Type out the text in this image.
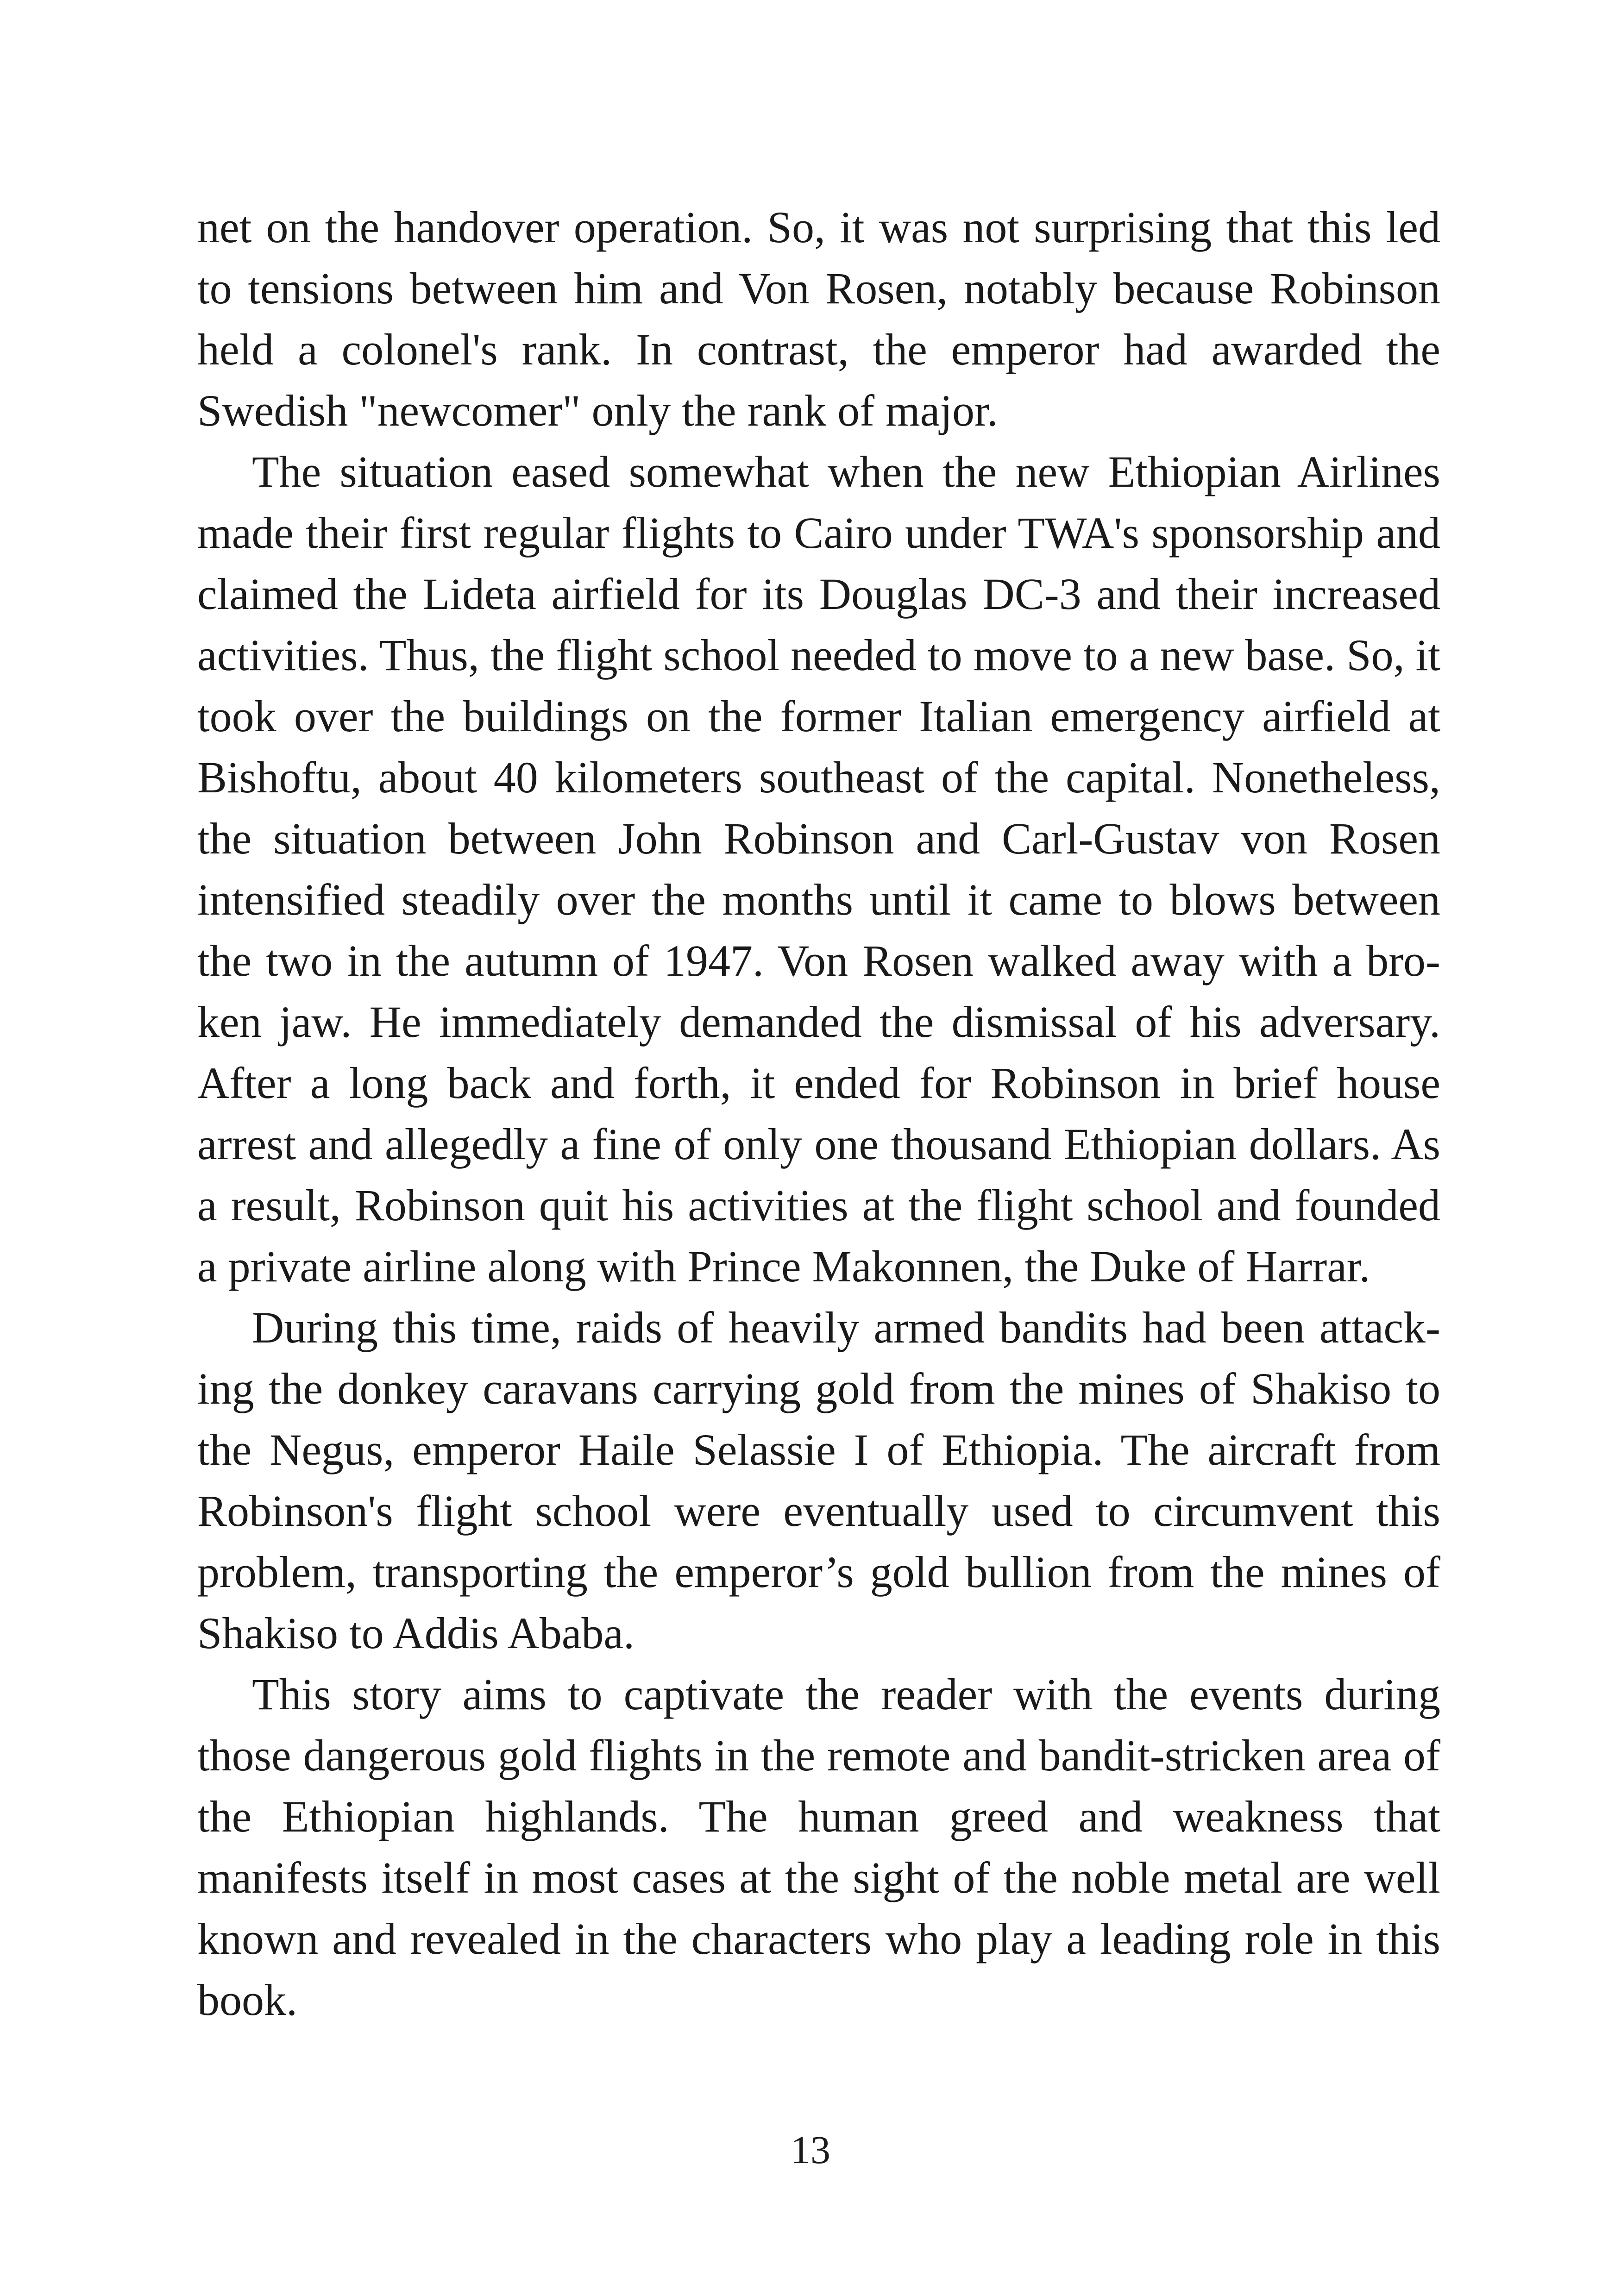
net on the handover operation. So, it was not surprising that this led to tensions between him and Von Rosen, notably because Robinson held a colonel's rank. In contrast, the emperor had awarded the Swedish "newcomer" only the rank of major.

The situation eased somewhat when the new Ethiopian Airlines made their first regular flights to Cairo under TWA's sponsorship and claimed the Lideta airfield for its Douglas DC-3 and their increased activities. Thus, the flight school needed to move to a new base. So, it took over the buildings on the former Italian emergency airfield at Bishoftu, about 40 kilometers southeast of the capital. Nonetheless, the situation between John Robinson and Carl-Gustav von Rosen intensified steadily over the months until it came to blows between the two in the autumn of 1947. Von Rosen walked away with a broken jaw. He immediately demanded the dismissal of his adversary. After a long back and forth, it ended for Robinson in brief house arrest and allegedly a fine of only one thousand Ethiopian dollars. As a result, Robinson quit his activities at the flight school and founded a private airline along with Prince Makonnen, the Duke of Harrar.

During this time, raids of heavily armed bandits had been attacking the donkey caravans carrying gold from the mines of Shakiso to the Negus, emperor Haile Selassie I of Ethiopia. The aircraft from Robinson's flight school were eventually used to circumvent this problem, transporting the emperor’s gold bullion from the mines of Shakiso to Addis Ababa.

This story aims to captivate the reader with the events during those dangerous gold flights in the remote and bandit-stricken area of the Ethiopian highlands. The human greed and weakness that manifests itself in most cases at the sight of the noble metal are well known and revealed in the characters who play a leading role in this book.

13
